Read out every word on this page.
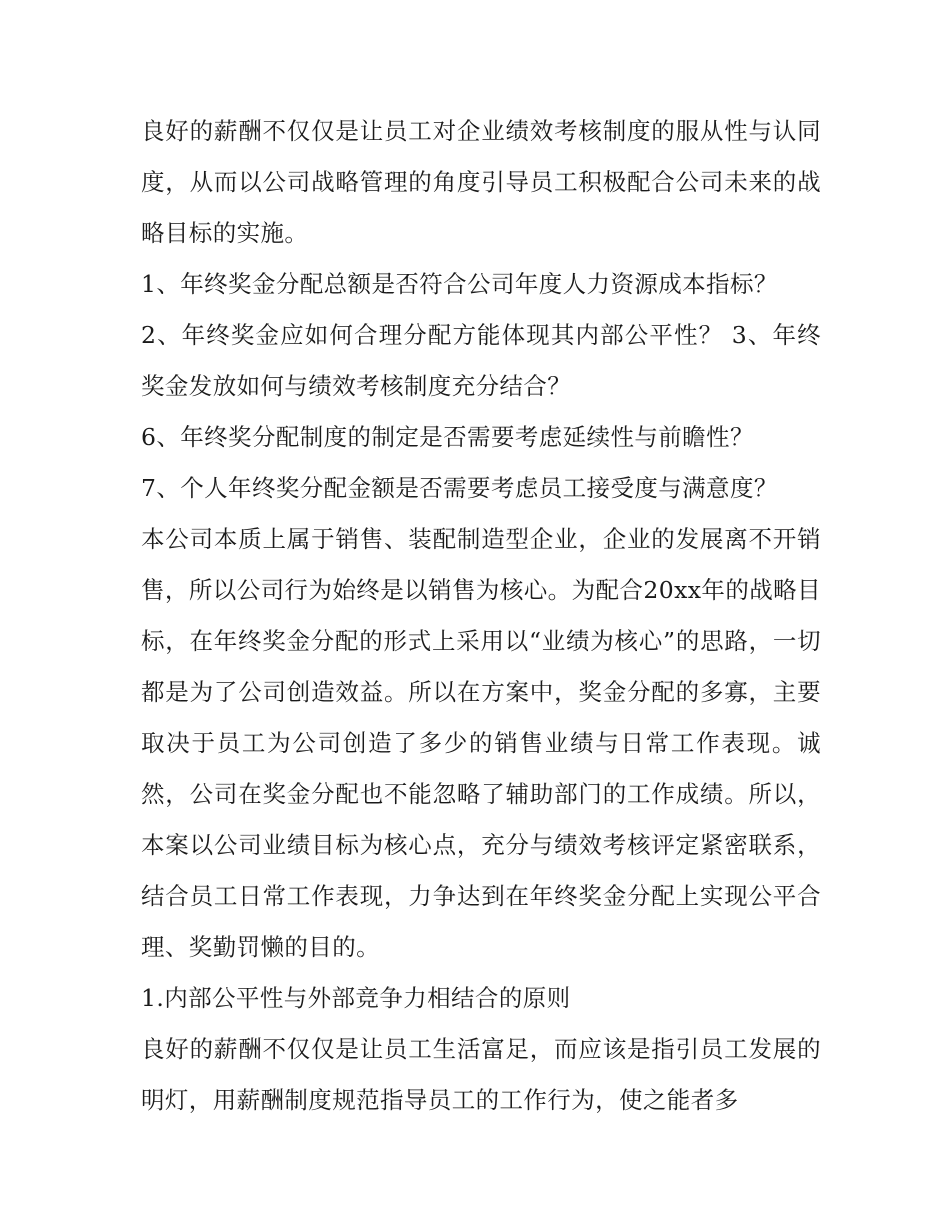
良好的薪酬不仅仅是让员工对企业绩效考核制度的服从性与认同度，从而以公司战略管理的角度引导员工积极配合公司未来的战略目标的实施。

1、年终奖金分配总额是否符合公司年度人力资源成本指标？

2、年终奖金应如何合理分配方能体现其内部公平性？ 3、年终奖金发放如何与绩效考核制度充分结合？

6、年终奖分配制度的制定是否需要考虑延续性与前瞻性？

7、个人年终奖分配金额是否需要考虑员工接受度与满意度？

本公司本质上属于销售、装配制造型企业，企业的发展离不开销售，所以公司行为始终是以销售为核心。为配合20xx年的战略目标，在年终奖金分配的形式上采用以“业绩为核心”的思路，一切都是为了公司创造效益。所以在方案中，奖金分配的多寡，主要取决于员工为公司创造了多少的销售业绩与日常工作表现。诚然，公司在奖金分配也不能忽略了辅助部门的工作成绩。所以，本案以公司业绩目标为核心点，充分与绩效考核评定紧密联系，结合员工日常工作表现，力争达到在年终奖金分配上实现公平合理、奖勤罚懒的目的。

1.内部公平性与外部竞争力相结合的原则

良好的薪酬不仅仅是让员工生活富足，而应该是指引员工发展的明灯，用薪酬制度规范指导员工的工作行为，使之能者多
